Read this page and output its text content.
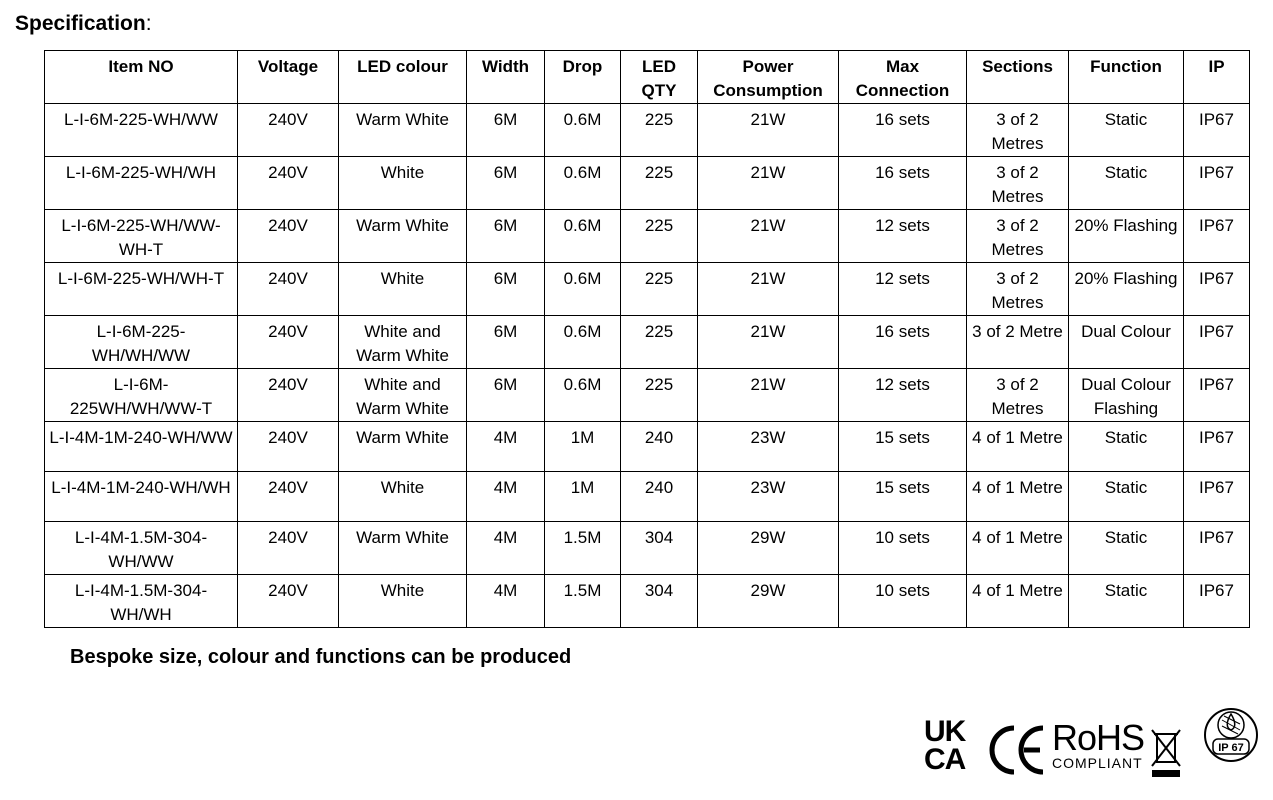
Specification:
Item NO	Voltage	LED colour	Width	Drop	LED QTY	Power Consumption	Max Connection	Sections	Function	IP
L-I-6M-225-WH/WW	240V	Warm White	6M	0.6M	225	21W	16 sets	3 of 2 Metres	Static	IP67
L-I-6M-225-WH/WH	240V	White	6M	0.6M	225	21W	16 sets	3 of 2 Metres	Static	IP67
L-I-6M-225-WH/WW-WH-T	240V	Warm White	6M	0.6M	225	21W	12 sets	3 of 2 Metres	20% Flashing	IP67
L-I-6M-225-WH/WH-T	240V	White	6M	0.6M	225	21W	12 sets	3 of 2 Metres	20% Flashing	IP67
L-I-6M-225-WH/WH/WW	240V	White and Warm White	6M	0.6M	225	21W	16 sets	3 of 2 Metre	Dual Colour	IP67
L-I-6M-225WH/WH/WW-T	240V	White and Warm White	6M	0.6M	225	21W	12 sets	3 of 2 Metres	Dual Colour Flashing	IP67
L-I-4M-1M-240-WH/WW	240V	Warm White	4M	1M	240	23W	15 sets	4 of 1 Metre	Static	IP67
L-I-4M-1M-240-WH/WH	240V	White	4M	1M	240	23W	15 sets	4 of 1 Metre	Static	IP67
L-I-4M-1.5M-304-WH/WW	240V	Warm White	4M	1.5M	304	29W	10 sets	4 of 1 Metre	Static	IP67
L-I-4M-1.5M-304-WH/WH	240V	White	4M	1.5M	304	29W	10 sets	4 of 1 Metre	Static	IP67
Bespoke size, colour and functions can be produced
UK
CA
RoHS
COMPLIANT
IP 67
